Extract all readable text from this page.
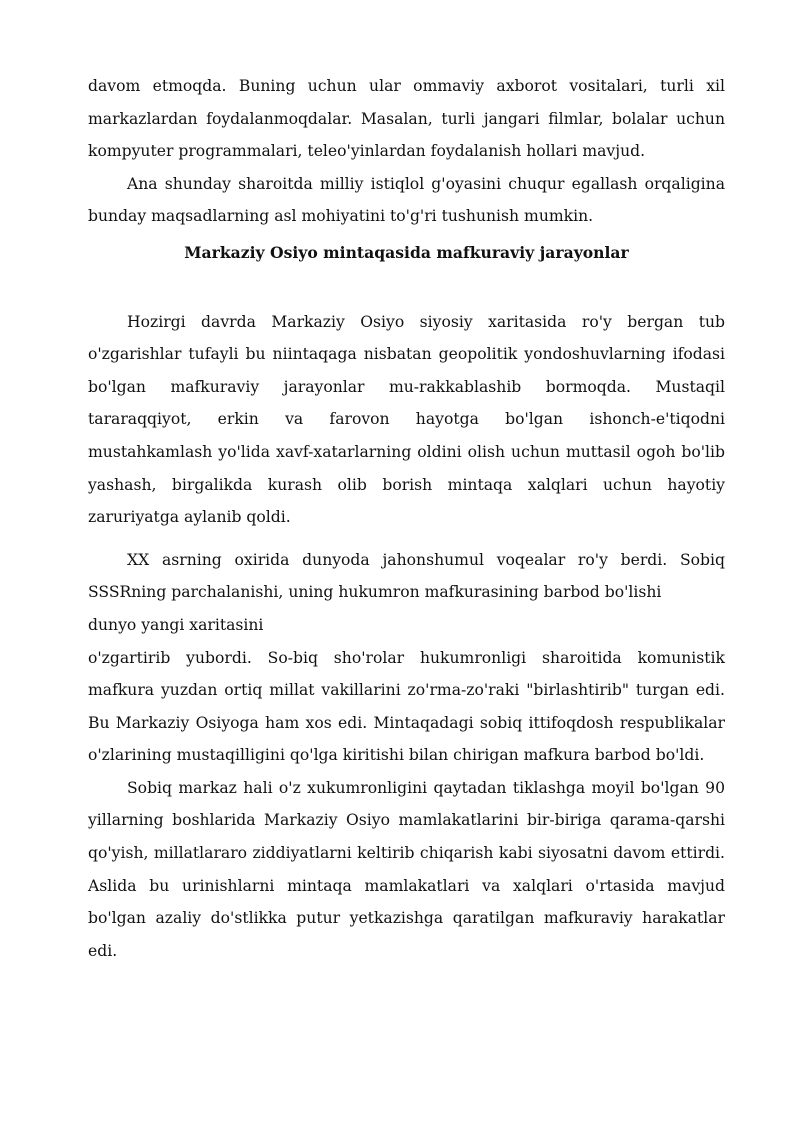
davom etmoqda. Buning uchun ular ommaviy axborot vositalari, turli xil markazlardan foydalanmoqdalar. Masalan, turli jangari filmlar, bolalar uchun kompyuter programmalari, teleo'yinlardan foydalanish hollari mavjud.

Ana shunday sharoitda milliy istiqlol g'oyasini chuqur egallash orqaligina bunday maqsadlarning asl mohiyatini to'g'ri tushunish mumkin.

Markaziy Osiyo mintaqasida mafkuraviy jarayonlar

Hozirgi davrda Markaziy Osiyo siyosiy xaritasida ro'y bergan tub o'zgarishlar tufayli bu niintaqaga nisbatan geopolitik yondoshuvlarning ifodasi bo'lgan mafkuraviy jarayonlar mu-rakkablashib bormoqda. Mustaqil tararaqqiyot, erkin va farovon hayotga bo'lgan ishonch-e'tiqodni mustahkamlash yo'lida xavf-xatarlarning oldini olish uchun muttasil ogoh bo'lib yashash, birgalikda kurash olib borish mintaqa xalqlari uchun hayotiy zaruriyatga aylanib qoldi.

XX asrning oxirida dunyoda jahonshumul voqealar ro'y berdi. Sobiq SSSRning parchalanishi, uning hukumron mafkurasining barbod bo'lishi

dunyo yangi xaritasini

o'zgartirib yubordi. So-biq sho'rolar hukumronligi sharoitida komunistik mafkura yuzdan ortiq millat vakillarini zo'rma-zo'raki "birlashtirib" turgan edi. Bu Markaziy Osiyoga ham xos edi. Mintaqadagi sobiq ittifoqdosh respublikalar o'zlarining mustaqilligini qo'lga kiritishi bilan chirigan mafkura barbod bo'ldi.

Sobiq markaz hali o'z xukumronligini qaytadan tiklashga moyil bo'lgan 90 yillarning boshlarida Markaziy Osiyo mamlakatlarini bir-biriga qarama-qarshi qo'yish, millatlararo ziddiyatlarni keltirib chiqarish kabi siyosatni davom ettirdi. Aslida bu urinishlarni mintaqa mamlakatlari va xalqlari o'rtasida mavjud bo'lgan azaliy do'stlikka putur yetkazishga qaratilgan mafkuraviy harakatlar edi.
